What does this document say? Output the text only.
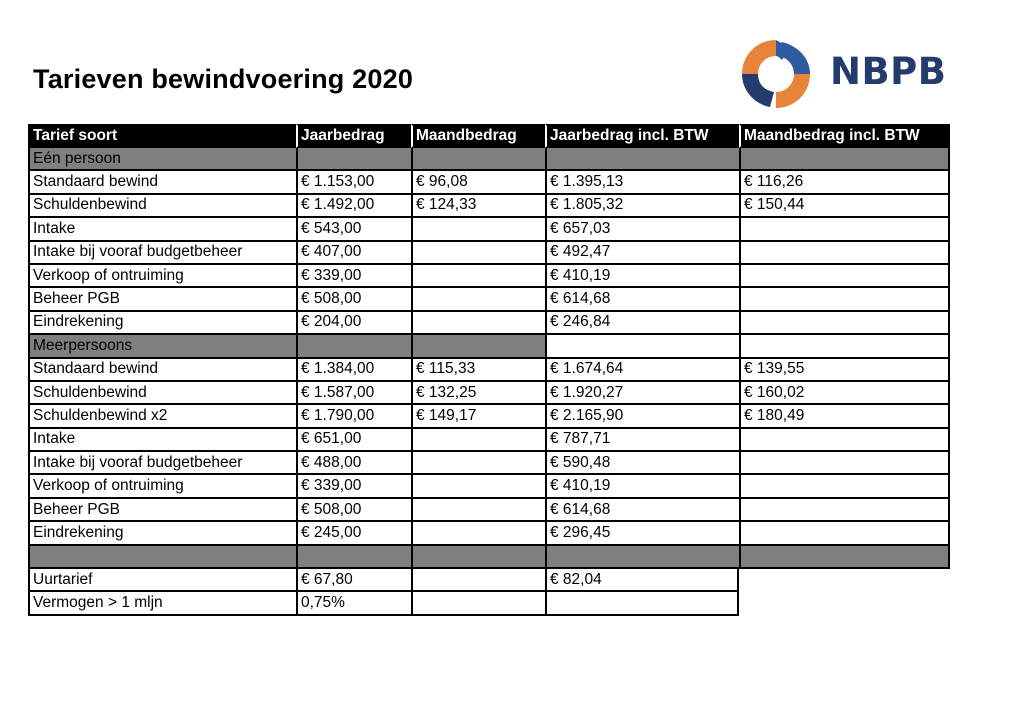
Tarieven bewindvoering 2020	NBPB
Tarief soort	Jaarbedrag	Maandbedrag	Jaarbedrag incl. BTW	Maandbedrag incl. BTW
Eén persoon				
Standaard bewind	€ 1.153,00	€ 96,08	€ 1.395,13	€ 116,26
Schuldenbewind	€ 1.492,00	€ 124,33	€ 1.805,32	€ 150,44
Intake	€ 543,00		€ 657,03	
Intake bij vooraf budgetbeheer	€ 407,00		€ 492,47	
Verkoop of ontruiming	€ 339,00		€ 410,19	
Beheer PGB	€ 508,00		€ 614,68	
Eindrekening	€ 204,00		€ 246,84	
Meerpersoons				
Standaard bewind	€ 1.384,00	€ 115,33	€ 1.674,64	€ 139,55
Schuldenbewind	€ 1.587,00	€ 132,25	€ 1.920,27	€ 160,02
Schuldenbewind x2	€ 1.790,00	€ 149,17	€ 2.165,90	€ 180,49
Intake	€ 651,00		€ 787,71	
Intake bij vooraf budgetbeheer	€ 488,00		€ 590,48	
Verkoop of ontruiming	€ 339,00		€ 410,19	
Beheer PGB	€ 508,00		€ 614,68	
Eindrekening	€ 245,00		€ 296,45	

Uurtarief	€ 67,80		€ 82,04	
Vermogen > 1 mljn	0,75%			
